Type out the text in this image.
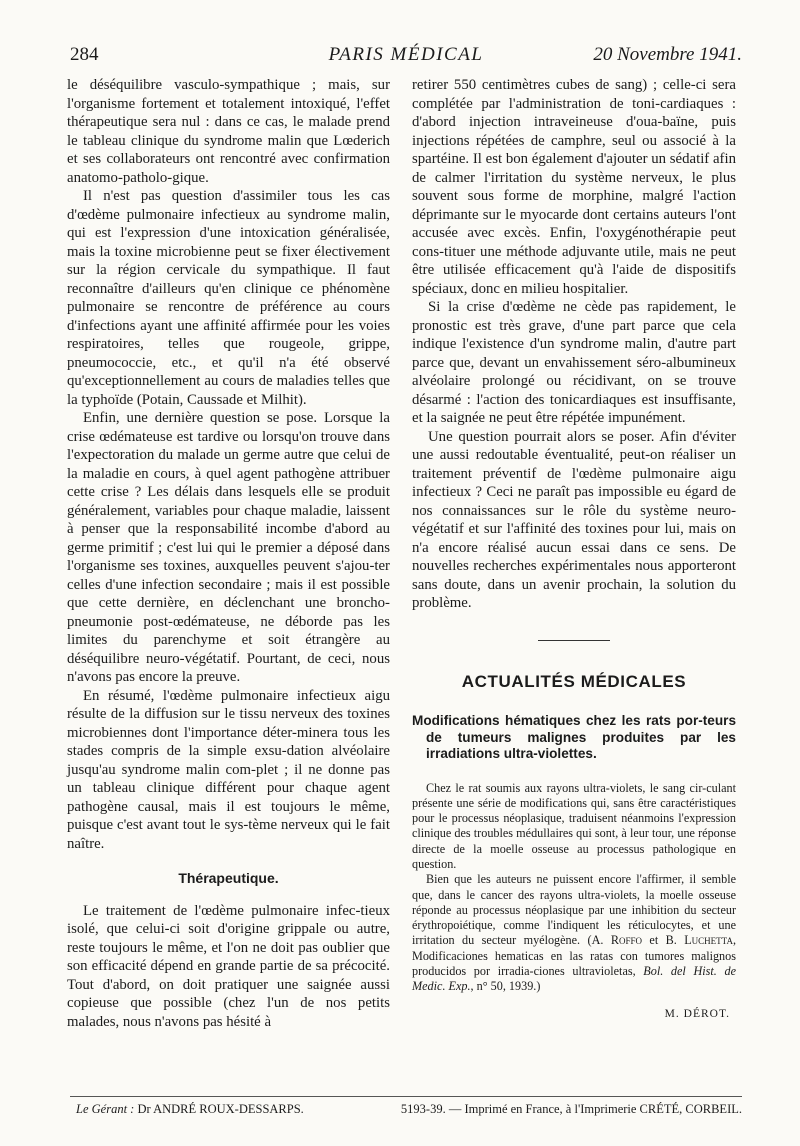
284	PARIS MÉDICAL	20 Novembre 1941.

le déséquilibre vasculo-sympathique ; mais, sur l'organisme fortement et totalement intoxiqué, l'effet thérapeutique sera nul : dans ce cas, le malade prend le tableau clinique du syndrome malin que Lœderich et ses collaborateurs ont rencontré avec confirmation anatomo-patholo-gique.

Il n'est pas question d'assimiler tous les cas d'œdème pulmonaire infectieux au syndrome malin, qui est l'expression d'une intoxication généralisée, mais la toxine microbienne peut se fixer électivement sur la région cervicale du sympathique. Il faut reconnaître d'ailleurs qu'en clinique ce phénomène pulmonaire se rencontre de préférence au cours d'infections ayant une affinité affirmée pour les voies respiratoires, telles que rougeole, grippe, pneumococcie, etc., et qu'il n'a été observé qu'exceptionnellement au cours de maladies telles que la typhoïde (Potain, Caussade et Milhit).

Enfin, une dernière question se pose. Lorsque la crise œdémateuse est tardive ou lorsqu'on trouve dans l'expectoration du malade un germe autre que celui de la maladie en cours, à quel agent pathogène attribuer cette crise ? Les délais dans lesquels elle se produit généralement, variables pour chaque maladie, laissent à penser que la responsabilité incombe d'abord au germe primitif ; c'est lui qui le premier a déposé dans l'organisme ses toxines, auxquelles peuvent s'ajou-ter celles d'une infection secondaire ; mais il est possible que cette dernière, en déclenchant une broncho-pneumonie post-œdémateuse, ne déborde pas les limites du parenchyme et soit étrangère au déséquilibre neuro-végétatif. Pourtant, de ceci, nous n'avons pas encore la preuve.

En résumé, l'œdème pulmonaire infectieux aigu résulte de la diffusion sur le tissu nerveux des toxines microbiennes dont l'importance déter-minera tous les stades compris de la simple exsu-dation alvéolaire jusqu'au syndrome malin com-plet ; il ne donne pas un tableau clinique différent pour chaque agent pathogène causal, mais il est toujours le même, puisque c'est avant tout le sys-tème nerveux qui le fait naître.

Thérapeutique.

Le traitement de l'œdème pulmonaire infec-tieux isolé, que celui-ci soit d'origine grippale ou autre, reste toujours le même, et l'on ne doit pas oublier que son efficacité dépend en grande partie de sa précocité. Tout d'abord, on doit pratiquer une saignée aussi copieuse que possible (chez l'un de nos petits malades, nous n'avons pas hésité à

retirer 550 centimètres cubes de sang) ; celle-ci sera complétée par l'administration de toni-cardiaques : d'abord injection intraveineuse d'oua-baïne, puis injections répétées de camphre, seul ou associé à la spartéine. Il est bon également d'ajouter un sédatif afin de calmer l'irritation du système nerveux, le plus souvent sous forme de morphine, malgré l'action déprimante sur le myocarde dont certains auteurs l'ont accusée avec excès. Enfin, l'oxygénothérapie peut cons-tituer une méthode adjuvante utile, mais ne peut être utilisée efficacement qu'à l'aide de dispositifs spéciaux, donc en milieu hospitalier.

Si la crise d'œdème ne cède pas rapidement, le pronostic est très grave, d'une part parce que cela indique l'existence d'un syndrome malin, d'autre part parce que, devant un envahissement séro-albumineux alvéolaire prolongé ou récidivant, on se trouve désarmé : l'action des tonicardiaques est insuffisante, et la saignée ne peut être répétée impunément.

Une question pourrait alors se poser. Afin d'éviter une aussi redoutable éventualité, peut-on réaliser un traitement préventif de l'œdème pulmonaire aigu infectieux ? Ceci ne paraît pas impossible eu égard de nos connaissances sur le rôle du système neuro-végétatif et sur l'affinité des toxines pour lui, mais on n'a encore réalisé aucun essai dans ce sens. De nouvelles recherches expérimentales nous apporteront sans doute, dans un avenir prochain, la solution du problème.

ACTUALITÉS MÉDICALES
Modifications hématiques chez les rats por-teurs de tumeurs malignes produites par les irradiations ultra-violettes.

Chez le rat soumis aux rayons ultra-violets, le sang cir-culant présente une série de modifications qui, sans être caractéristiques pour le processus néoplasique, traduisent néanmoins l'expression clinique des troubles médullaires qui sont, à leur tour, une réponse directe de la moelle osseuse au processus pathologique en question.

Bien que les auteurs ne puissent encore l'affirmer, il semble que, dans le cancer des rayons ultra-violets, la moelle osseuse réponde au processus néoplasique par une inhibition du secteur érythropoiétique, comme l'indiquent les réticulocytes, et une irritation du secteur myélogène. (A. Roffo et B. Luchetta, Modificaciones hematicas en las ratas con tumores malignos producidos por irradia-ciones ultravioletas, Bol. del Hist. de Medic. Exp., n° 50, 1939.)

M. DÉROT.
Le Gérant : Dr ANDRÉ ROUX-DESSARPS.	5193-39. — Imprimé en France, à l'Imprimerie CRÉTÉ, CORBEIL.
